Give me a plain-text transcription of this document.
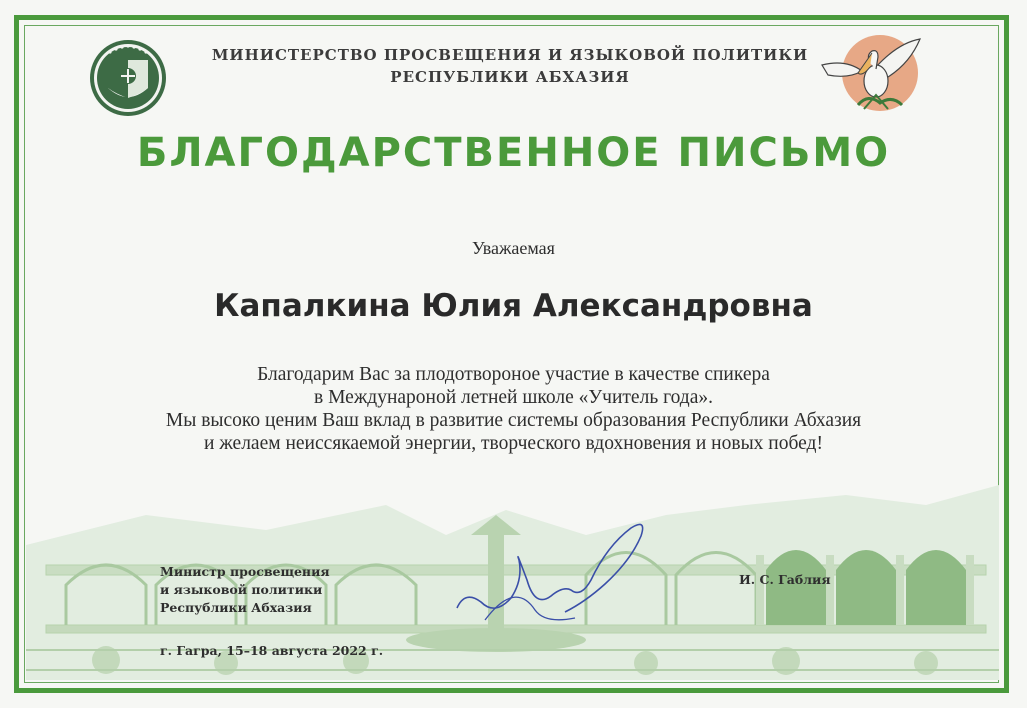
МИНИСТЕРСТВО ПРОСВЕЩЕНИЯ И ЯЗЫКОВОЙ ПОЛИТИКИ
РЕСПУБЛИКИ АБХАЗИЯ
БЛАГОДАРСТВЕННОЕ ПИСЬМО
Уважаемая
Капалкина Юлия Александровна
Благодарим Вас за плодотвороное участие в качестве спикера
в Междунароной летней школе «Учитель года».
Мы высоко ценим Ваш вклад в развитие системы образования Республики Абхазия
и желаем неиссякаемой энергии, творческого вдохновения и новых побед!
Министр просвещения
и языковой политики
Республики Абхазия
И. С. Габлия
г. Гагра, 15–18 августа 2022 г.
